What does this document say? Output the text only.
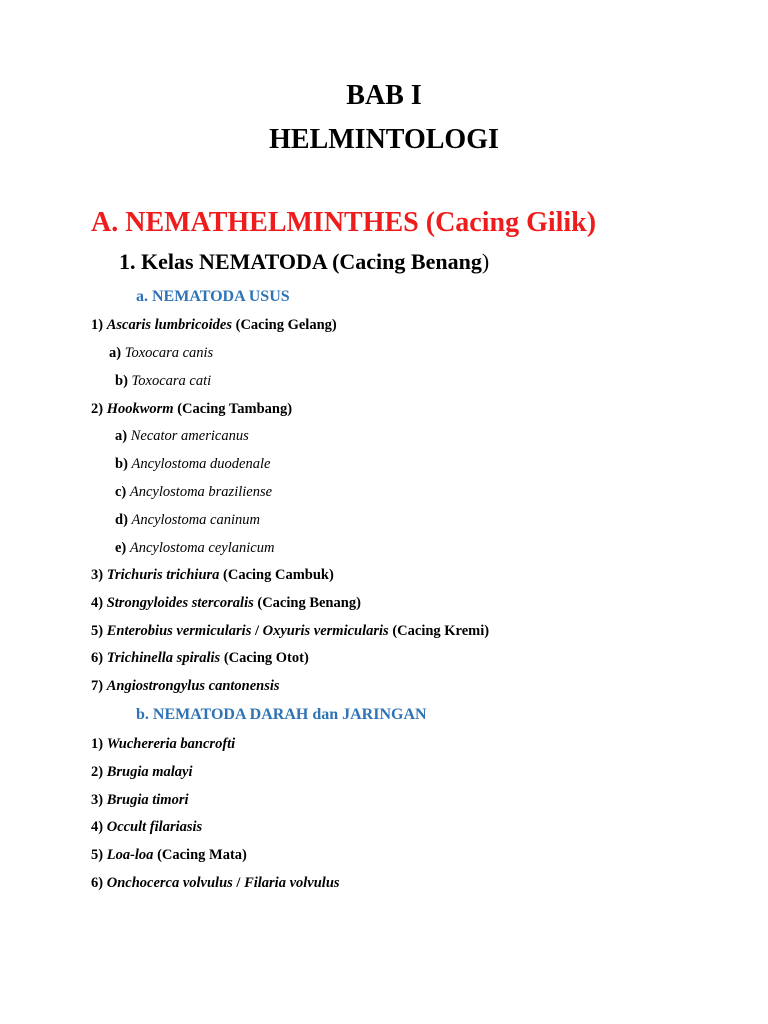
BAB I
HELMINTOLOGI
A. NEMATHELMINTHES (Cacing Gilik)
1. Kelas NEMATODA (Cacing Benang)
a. NEMATODA USUS
1) Ascaris lumbricoides (Cacing Gelang)
a) Toxocara canis
b) Toxocara cati
2) Hookworm (Cacing Tambang)
a) Necator americanus
b) Ancylostoma duodenale
c) Ancylostoma braziliense
d) Ancylostoma caninum
e) Ancylostoma ceylanicum
3) Trichuris trichiura (Cacing Cambuk)
4) Strongyloides stercoralis (Cacing Benang)
5) Enterobius vermicularis / Oxyuris vermicularis (Cacing Kremi)
6) Trichinella spiralis (Cacing Otot)
7) Angiostrongylus cantonensis
b. NEMATODA DARAH dan JARINGAN
1) Wuchereria bancrofti
2) Brugia malayi
3) Brugia timori
4) Occult filariasis
5) Loa-loa (Cacing Mata)
6) Onchocerca volvulus / Filaria volvulus
